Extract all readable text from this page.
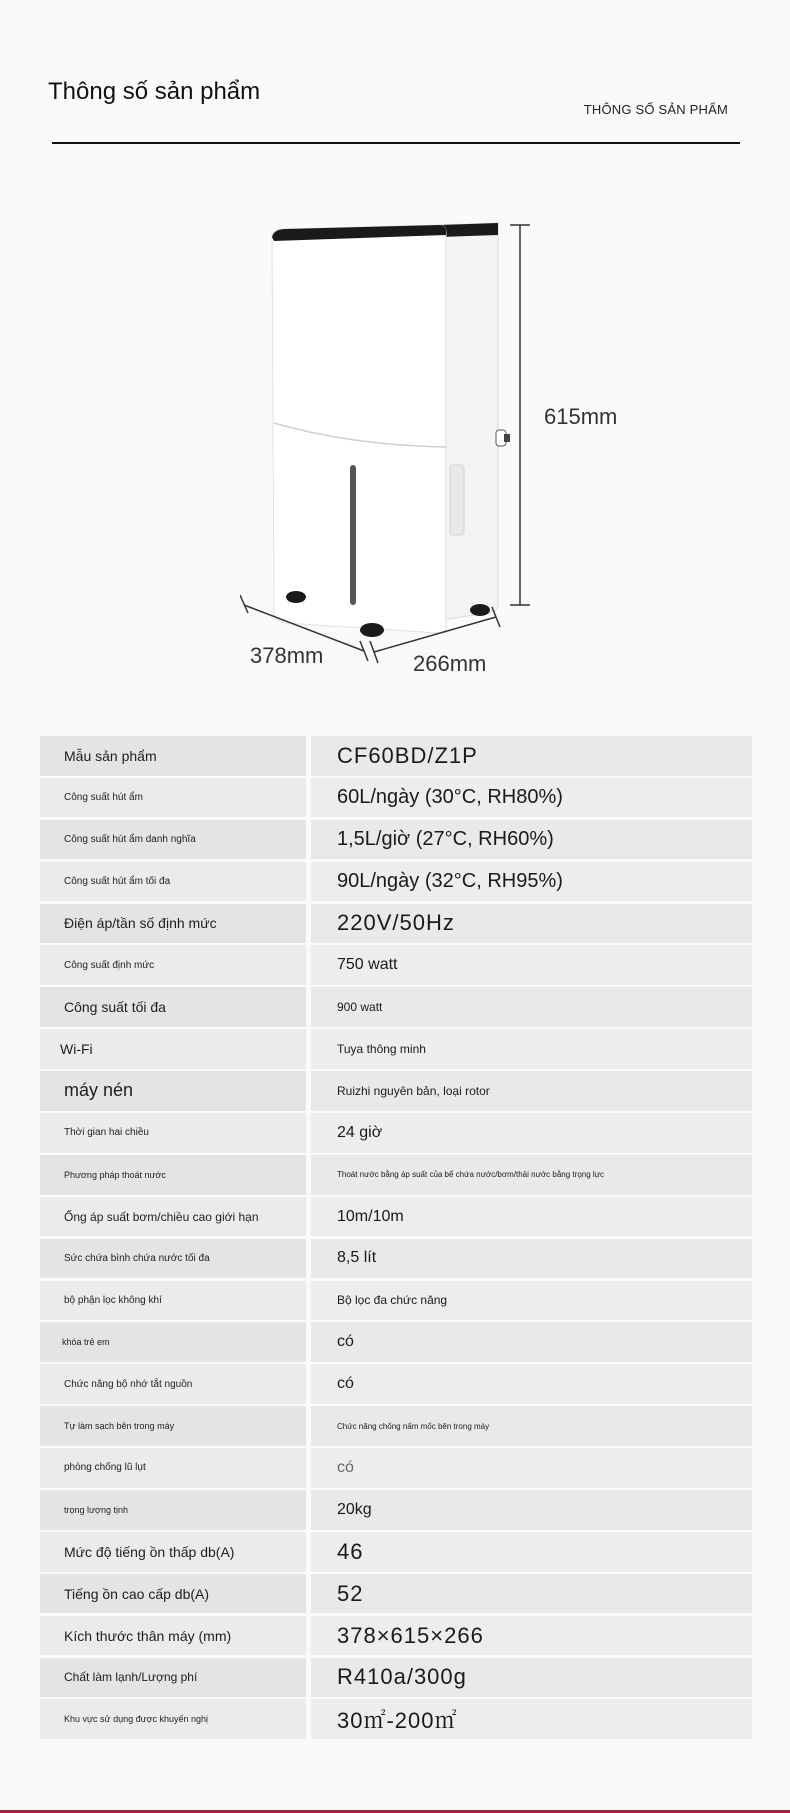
Thông số sản phẩm
THÔNG SỐ SẢN PHẨM
615mm
378mm	266mm
Mẫu sản phẩm	CF60BD/Z1P
Công suất hút ẩm	60L/ngày (30°C, RH80%)
Công suất hút ẩm danh nghĩa	1,5L/giờ (27°C, RH60%)
Công suất hút ẩm tối đa	90L/ngày (32°C, RH95%)
Điện áp/tần số định mức	220V/50Hz
Công suất định mức	750 watt
Công suất tối đa	900 watt
Wi-Fi	Tuya thông minh
máy nén	Ruizhi nguyên bản, loại rotor
Thời gian hai chiều	24 giờ
Phương pháp thoát nước	Thoát nước bằng áp suất của bể chứa nước/bơm/thải nước bằng trọng lực
Ống áp suất bơm/chiều cao giới hạn	10m/10m
Sức chứa bình chứa nước tối đa	8,5 lít
bộ phận lọc không khí	Bộ lọc đa chức năng
khóa trẻ em	có
Chức năng bộ nhớ tắt nguồn	có
Tự làm sạch bên trong máy	Chức năng chống nấm mốc bên trong máy
phòng chống lũ lụt	có
trọng lượng tịnh	20kg
Mức độ tiếng ồn thấp db(A)	46
Tiếng ồn cao cấp db(A)	52
Kích thước thân máy (mm)	378×615×266
Chất làm lạnh/Lượng phí	R410a/300g
Khu vực sử dụng được khuyến nghị	30㎡-200㎡
